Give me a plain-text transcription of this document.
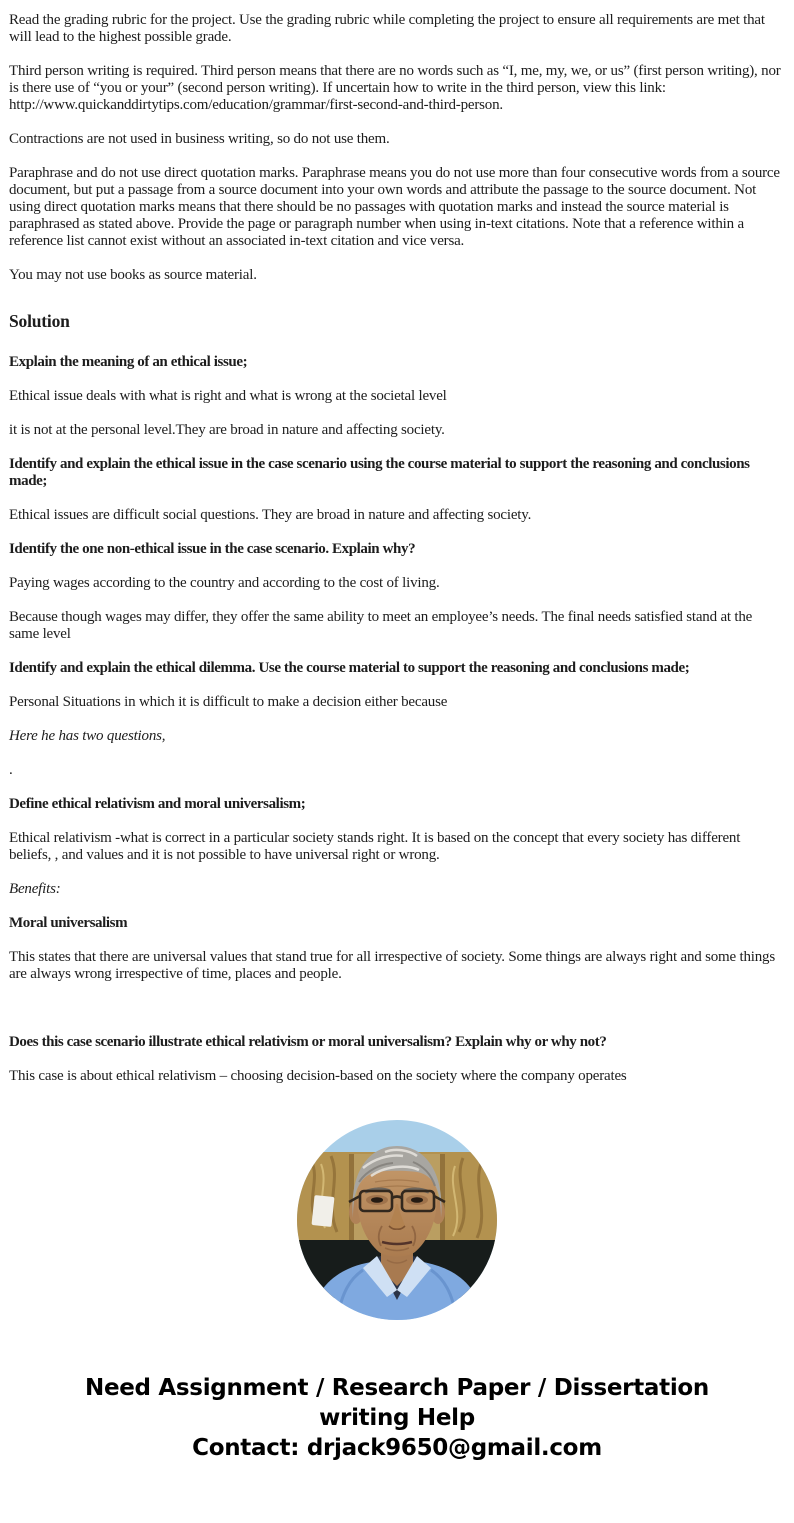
Read the grading rubric for the project. Use the grading rubric while completing the project to ensure all requirements are met that will lead to the highest possible grade.

Third person writing is required. Third person means that there are no words such as “I, me, my, we, or us” (first person writing), nor is there use of “you or your” (second person writing). If uncertain how to write in the third person, view this link: http://www.quickanddirtytips.com/education/grammar/first-second-and-third-person.

Contractions are not used in business writing, so do not use them.

Paraphrase and do not use direct quotation marks. Paraphrase means you do not use more than four consecutive words from a source document, but put a passage from a source document into your own words and attribute the passage to the source document. Not using direct quotation marks means that there should be no passages with quotation marks and instead the source material is paraphrased as stated above. Provide the page or paragraph number when using in-text citations. Note that a reference within a reference list cannot exist without an associated in-text citation and vice versa.

You may not use books as source material.

Solution

Explain the meaning of an ethical issue;

Ethical issue deals with what is right and what is wrong at the societal level

it is not at the personal level.They are broad in nature and affecting society.

Identify and explain the ethical issue in the case scenario using the course material to support the reasoning and conclusions made;

Ethical issues are difficult social questions. They are broad in nature and affecting society.

Identify the one non-ethical issue in the case scenario. Explain why?

Paying wages according to the country and according to the cost of living.

Because though wages may differ, they offer the same ability to meet an employee’s needs. The final needs satisfied stand at the same level

Identify and explain the ethical dilemma. Use the course material to support the reasoning and conclusions made;

Personal Situations in which it is difficult to make a decision either because

Here he has two questions,

.

Define ethical relativism and moral universalism;

Ethical relativism -what is correct in a particular society stands right. It is based on the concept that every society has different beliefs, , and values and it is not possible to have universal right or wrong.

Benefits:

Moral universalism

This states that there are universal values that stand true for all irrespective of society. Some things are always right and some things are always wrong irrespective of time, places and people.

Does this case scenario illustrate ethical relativism or moral universalism? Explain why or why not?

This case is about ethical relativism – choosing decision-based on the society where the company operates

Need Assignment / Research Paper / Dissertation
writing Help
Contact: drjack9650@gmail.com
